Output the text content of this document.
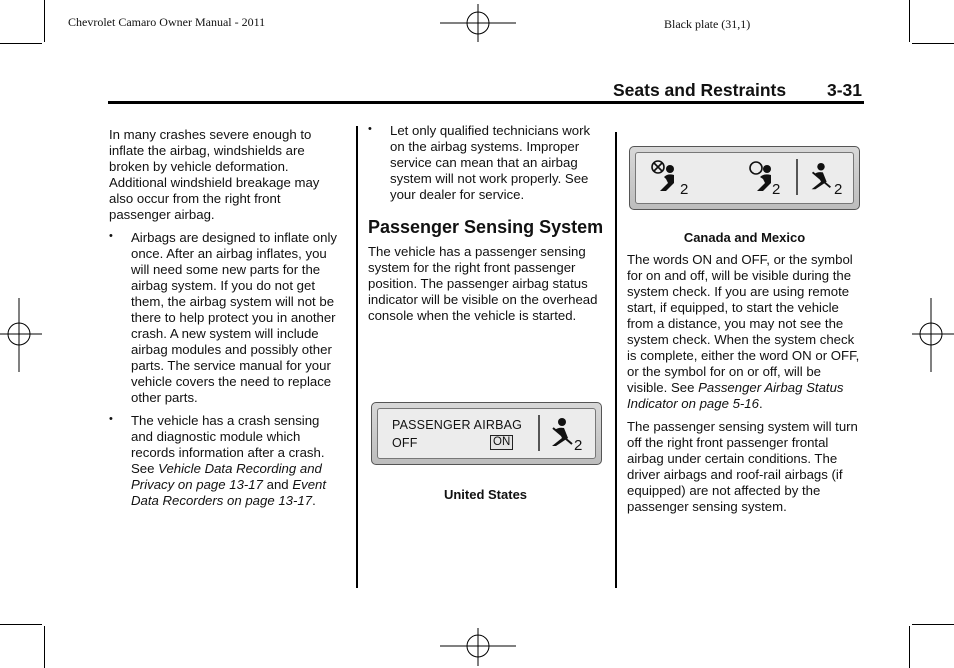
Chevrolet Camaro Owner Manual - 2011	Black plate (31,1)
Seats and Restraints 3-31

In many crashes severe enough to inflate the airbag, windshields are broken by vehicle deformation. Additional windshield breakage may also occur from the right front passenger airbag.

• Airbags are designed to inflate only once. After an airbag inflates, you will need some new parts for the airbag system. If you do not get them, the airbag system will not be there to help protect you in another crash. A new system will include airbag modules and possibly other parts. The service manual for your vehicle covers the need to replace other parts.
• The vehicle has a crash sensing and diagnostic module which records information after a crash. See Vehicle Data Recording and Privacy on page 13-17 and Event Data Recorders on page 13-17.
• Let only qualified technicians work on the airbag systems. Improper service can mean that an airbag system will not work properly. See your dealer for service.
Passenger Sensing System

The vehicle has a passenger sensing system for the right front passenger position. The passenger airbag status indicator will be visible on the overhead console when the vehicle is started.

PASSENGER AIRBAG
OFF	ON	2
United States
2	2	2
Canada and Mexico

The words ON and OFF, or the symbol for on and off, will be visible during the system check. If you are using remote start, if equipped, to start the vehicle from a distance, you may not see the system check. When the system check is complete, either the word ON or OFF, or the symbol for on or off, will be visible. See Passenger Airbag Status Indicator on page 5-16.

The passenger sensing system will turn off the right front passenger frontal airbag under certain conditions. The driver airbags and roof-rail airbags (if equipped) are not affected by the passenger sensing system.
